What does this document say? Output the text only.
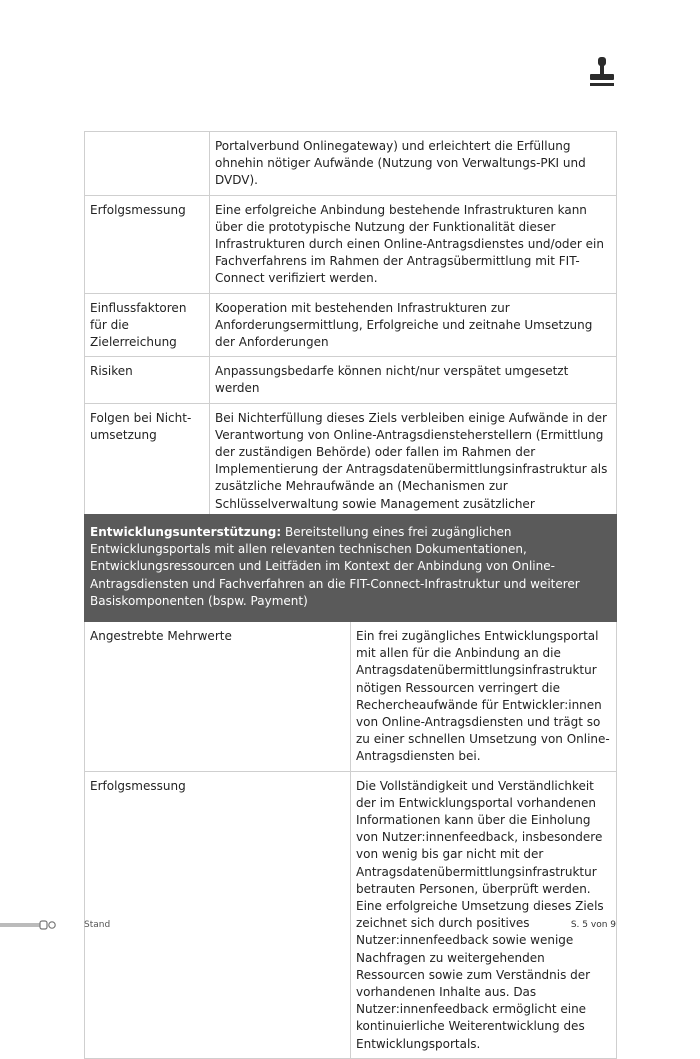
	Portalverbund Onlinegateway) und erleichtert die Erfüllung ohnehin nötiger Aufwände (Nutzung von Verwaltungs-PKI und DVDV).
Erfolgsmessung	Eine erfolgreiche Anbindung bestehende Infrastrukturen kann über die prototypische Nutzung der Funktionalität dieser Infrastrukturen durch einen Online-Antragsdienstes und/oder ein Fachverfahrens im Rahmen der Antragsübermittlung mit FIT-Connect verifiziert werden.
Einflussfaktoren für die Zielerreichung	Kooperation mit bestehenden Infrastrukturen zur Anforderungsermittlung, Erfolgreiche und zeitnahe Umsetzung der Anforderungen
Risiken	Anpassungsbedarfe können nicht/nur verspätet umgesetzt werden
Folgen bei Nicht-umsetzung	Bei Nichterfüllung dieses Ziels verbleiben einige Aufwände in der Verantwortung von Online-Antragsdiensteherstellern (Ermittlung der zuständigen Behörde) oder fallen im Rahmen der Implementierung der Antragsdatenübermittlungsinfrastruktur als zusätzliche Mehraufwände an (Mechanismen zur Schlüsselverwaltung sowie Management zusätzlicher
Entwicklungsunterstützung: Bereitstellung eines frei zugänglichen Entwicklungsportals mit allen relevanten technischen Dokumentationen, Entwicklungsressourcen und Leitfäden im Kontext der Anbindung von Online-Antragsdiensten und Fachverfahren an die FIT-Connect-Infrastruktur und weiterer Basiskomponenten (bspw. Payment)	
Angestrebte Mehrwerte	Ein frei zugängliches Entwicklungsportal mit allen für die Anbindung an die Antragsdatenübermittlungsinfrastruktur nötigen Ressourcen verringert die Rechercheaufwände für Entwickler:innen von Online-Antragsdiensten und trägt so zu einer schnellen Umsetzung von Online-Antragsdiensten bei.
Erfolgsmessung	Die Vollständigkeit und Verständlichkeit der im Entwicklungsportal vorhandenen Informationen kann über die Einholung von Nutzer:innenfeedback, insbesondere von wenig bis gar nicht mit der Antragsdatenübermittlungsinfrastruktur betrauten Personen, überprüft werden. Eine erfolgreiche Umsetzung dieses Ziels zeichnet sich durch positives Nutzer:innenfeedback sowie wenige Nachfragen zu weitergehenden Ressourcen sowie zum Verständnis der vorhandenen Inhalte aus. Das Nutzer:innenfeedback ermöglicht eine kontinuierliche Weiterentwicklung des Entwicklungsportals.
Stand	S. 5 von 9
